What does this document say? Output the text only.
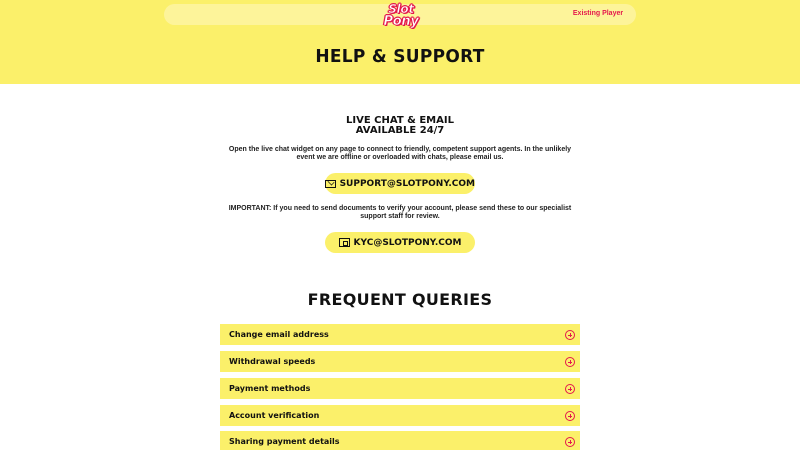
Slot
Pony
Existing Player
HELP & SUPPORT
LIVE CHAT & EMAIL
AVAILABLE 24/7
Open the live chat widget on any page to connect to friendly, competent support agents. In the unlikely event we are offline or overloaded with chats, please email us.
SUPPORT@SLOTPONY.COM
IMPORTANT: If you need to send documents to verify your account, please send these to our specialist support staff for review.
KYC@SLOTPONY.COM
FREQUENT QUERIES
Change email address
Withdrawal speeds
Payment methods
Account verification
Sharing payment details
